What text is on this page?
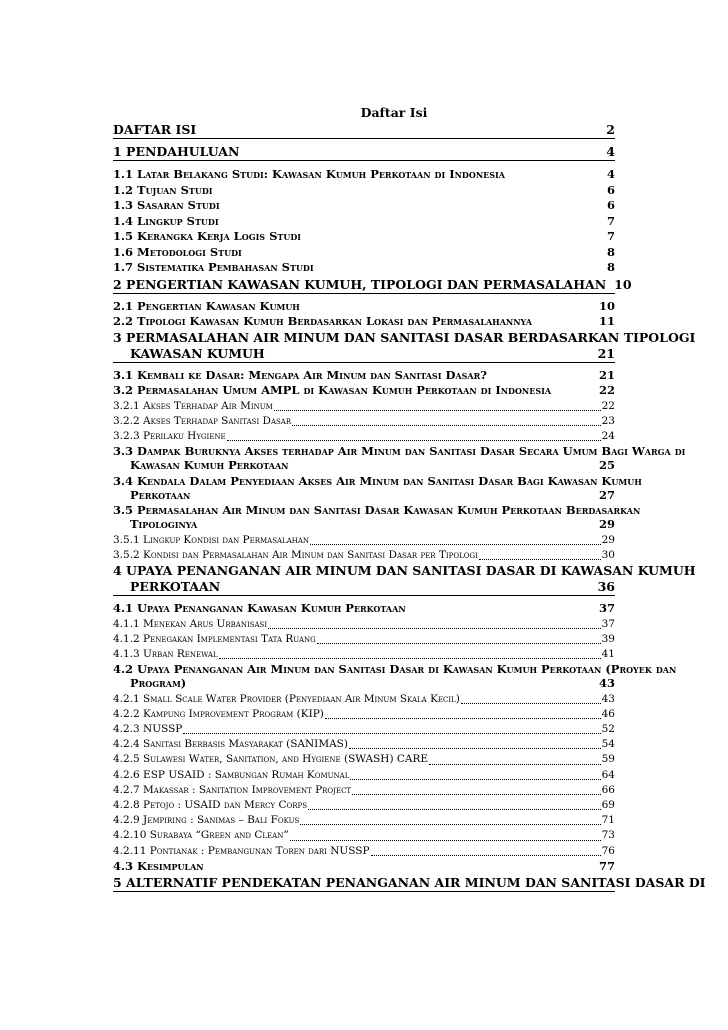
Daftar Isi
DAFTAR ISI	2
1 PENDAHULUAN	4
1.1 Latar Belakang Studi: Kawasan Kumuh Perkotaan di Indonesia	4
1.2 Tujuan Studi	6
1.3 Sasaran Studi	6
1.4 Lingkup Studi	7
1.5 Kerangka Kerja Logis Studi	7
1.6 Metodologi Studi	8
1.7 Sistematika Pembahasan Studi	8
2 PENGERTIAN KAWASAN KUMUH, TIPOLOGI DAN PERMASALAHAN 10
2.1 Pengertian Kawasan Kumuh	10
2.2 Tipologi Kawasan Kumuh Berdasarkan Lokasi dan Permasalahannya	11
3 PERMASALAHAN AIR MINUM DAN SANITASI DASAR BERDASARKAN TIPOLOGI
KAWASAN KUMUH	21
3.1 Kembali ke Dasar: Mengapa Air Minum dan Sanitasi Dasar?	21
3.2 Permasalahan Umum AMPL di Kawasan Kumuh Perkotaan di Indonesia	22
3.2.1 Akses Terhadap Air Minum	22
3.2.2 Akses Terhadap Sanitasi Dasar	23
3.2.3 Perilaku Hygiene	24
3.3 Dampak Buruknya Akses terhadap Air Minum dan Sanitasi Dasar Secara Umum Bagi Warga di
Kawasan Kumuh Perkotaan	25
3.4 Kendala Dalam Penyediaan Akses Air Minum dan Sanitasi Dasar Bagi Kawasan Kumuh
Perkotaan	27
3.5 Permasalahan Air Minum dan Sanitasi Dasar Kawasan Kumuh Perkotaan Berdasarkan
Tipologinya	29
3.5.1 Lingkup Kondisi dan Permasalahan	29
3.5.2 Kondisi dan Permasalahan Air Minum dan Sanitasi Dasar per Tipologi	30
4 UPAYA PENANGANAN AIR MINUM DAN SANITASI DASAR DI KAWASAN KUMUH
PERKOTAAN	36
4.1 Upaya Penanganan Kawasan Kumuh Perkotaan	37
4.1.1 Menekan Arus Urbanisasi	37
4.1.2 Penegakan Implementasi Tata Ruang	39
4.1.3 Urban Renewal	41
4.2 Upaya Penanganan Air Minum dan Sanitasi Dasar di Kawasan Kumuh Perkotaan (Proyek dan
Program)	43
4.2.1 Small Scale Water Provider (Penyediaan Air Minum Skala Kecil)	43
4.2.2 Kampung Improvement Program (KIP)	46
4.2.3 NUSSP	52
4.2.4 Sanitasi Berbasis Masyarakat (SANIMAS)	54
4.2.5 Sulawesi Water, Sanitation, and Hygiene (SWASH) CARE	59
4.2.6 ESP USAID : Sambungan Rumah Komunal	64
4.2.7 Makassar : Sanitation Improvement Project	66
4.2.8 Petojo : USAID dan Mercy Corps	69
4.2.9 Jempiring : Sanimas – Bali Fokus	71
4.2.10 Surabaya “Green and Clean”	73
4.2.11 Pontianak : Pembangunan Toren dari NUSSP	76
4.3 Kesimpulan	77
5 ALTERNATIF PENDEKATAN PENANGANAN AIR MINUM DAN SANITASI DASAR DI
